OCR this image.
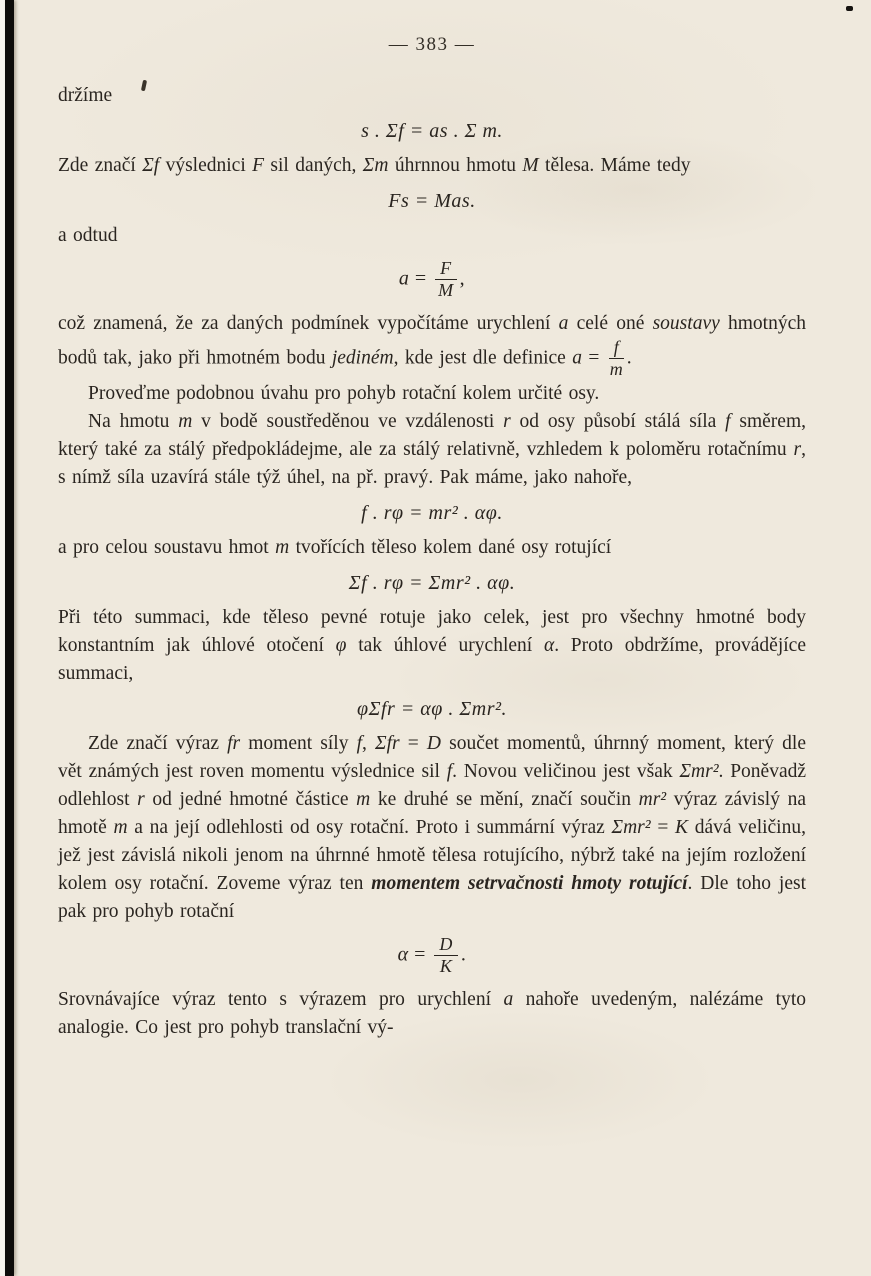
— 383 —

držíme

s . Σf = as . Σ m.

Zde značí Σf výslednici F sil daných, Σm úhrnnou hmotu M tělesa. Máme tedy

Fs = Mas.

a odtud

$a = \frac{F}{M}$ ,

což znamená, že za daných podmínek vypočítáme urychlení a celé oné soustavy hmotných bodů tak, jako při hmotném bodu jediném, kde jest dle definice $a = \frac{f}{m}$ .

Proveďme podobnou úvahu pro pohyb rotační kolem určité osy.

Na hmotu m v bodě soustředěnou ve vzdálenosti r od osy působí stálá síla f směrem, který také za stálý předpokládejme, ale za stálý relativně, vzhledem k poloměru rotačnímu r, s nímž síla uzavírá stále týž úhel, na př. pravý. Pak máme, jako nahoře,

f . rφ = mr² . αφ.

a pro celou soustavu hmot m tvořících těleso kolem dané osy rotující

Σf . rφ = Σmr² . αφ.

Při této summaci, kde těleso pevné rotuje jako celek, jest pro všechny hmotné body konstantním jak úhlové otočení φ tak úhlové urychlení α. Proto obdržíme, provádějíce summaci,

φΣfr = αφ . Σmr².

Zde značí výraz fr moment síly f, Σfr = D součet momentů, úhrnný moment, který dle vět známých jest roven momentu výslednice sil f. Novou veličinou jest však Σmr². Poněvadž odlehlost r od jedné hmotné částice m ke druhé se mění, značí součin mr² výraz závislý na hmotě m a na její odlehlosti od osy rotační. Proto i summární výraz Σmr² = K dává veličinu, jež jest závislá nikoli jenom na úhrnné hmotě tělesa rotujícího, nýbrž také na jejím rozložení kolem osy rotační. Zoveme výraz ten momentem setrvačnosti hmoty rotující. Dle toho jest pak pro pohyb rotační

$\alpha = \frac{D}{K}$ .

Srovnávajíce výraz tento s výrazem pro urychlení a nahoře uvedeným, nalézáme tyto analogie. Co jest pro pohyb translační vý-
